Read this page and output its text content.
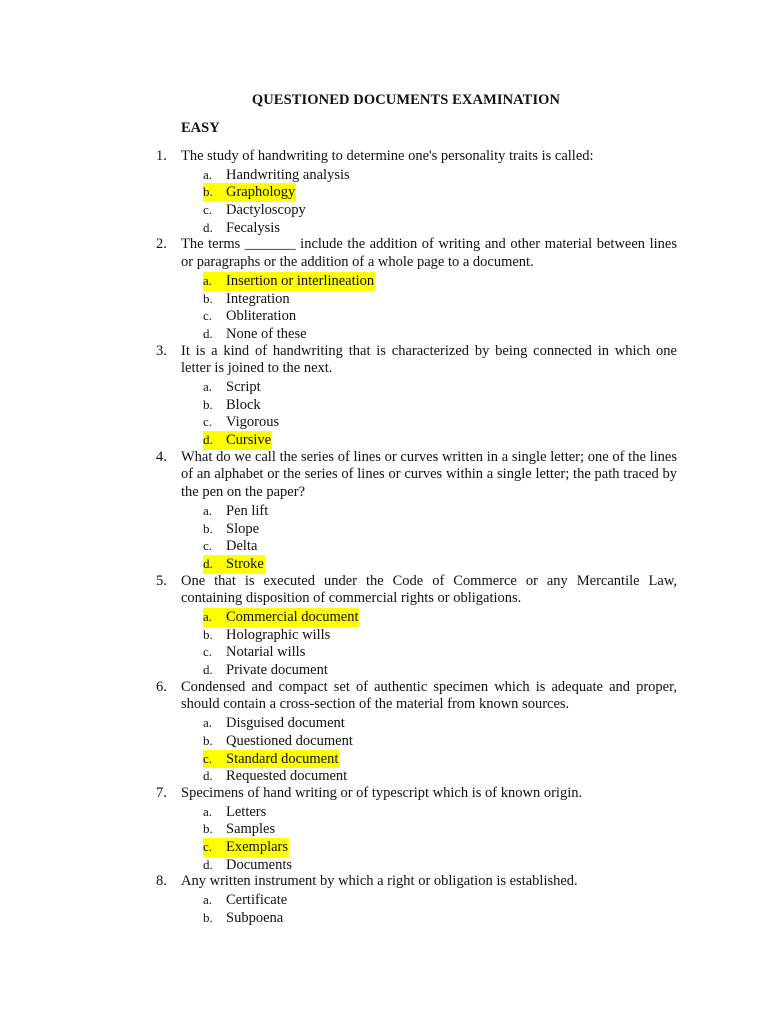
QUESTIONED DOCUMENTS EXAMINATION
EASY
1. The study of handwriting to determine one's personality traits is called:
a. Handwriting analysis
b. Graphology
c. Dactyloscopy
d. Fecalysis
2. The terms _______ include the addition of writing and other material between lines or paragraphs or the addition of a whole page to a document.
a. Insertion or interlineation
b. Integration
c. Obliteration
d. None of these
3. It is a kind of handwriting that is characterized by being connected in which one letter is joined to the next.
a. Script
b. Block
c. Vigorous
d. Cursive
4. What do we call the series of lines or curves written in a single letter; one of the lines of an alphabet or the series of lines or curves within a single letter; the path traced by the pen on the paper?
a. Pen lift
b. Slope
c. Delta
d. Stroke
5. One that is executed under the Code of Commerce or any Mercantile Law, containing disposition of commercial rights or obligations.
a. Commercial document
b. Holographic wills
c. Notarial wills
d. Private document
6. Condensed and compact set of authentic specimen which is adequate and proper, should contain a cross-section of the material from known sources.
a. Disguised document
b. Questioned document
c. Standard document
d. Requested document
7. Specimens of hand writing or of typescript which is of known origin.
a. Letters
b. Samples
c. Exemplars
d. Documents
8. Any written instrument by which a right or obligation is established.
a. Certificate
b. Subpoena
